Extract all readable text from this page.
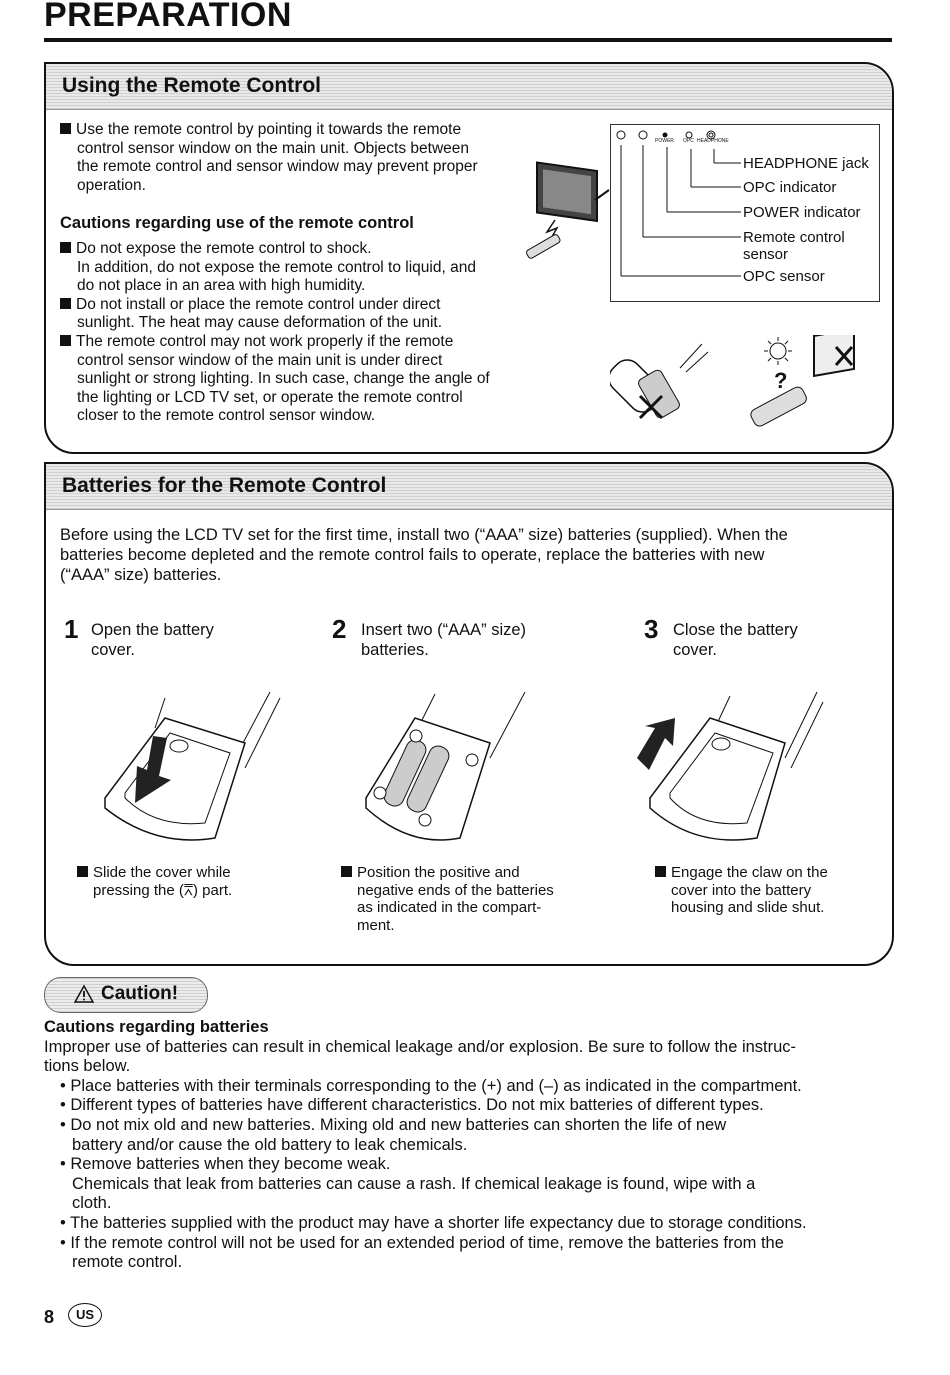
PREPARATION
Using the Remote Control
Use the remote control by pointing it towards the remote
control sensor window on the main unit. Objects between
the remote control and sensor window may prevent proper
operation.
Cautions regarding use of the remote control
Do not expose the remote control to shock.
In addition, do not expose the remote control to liquid, and
do not place in an area with high humidity.
Do not install or place the remote control under direct
sunlight. The heat may cause deformation of the unit.
The remote control may not work properly if the remote
control sensor window of the main unit is under direct
sunlight or strong lighting. In such case, change the angle of
the lighting or LCD TV set, or operate the remote control
closer to the remote control sensor window.
POWER OPC HEADPHONE
HEADPHONE jack
OPC indicator
POWER indicator
Remote control
sensor
OPC sensor
?
Batteries for the Remote Control
Before using the LCD TV set for the first time, install two (“AAA” size) batteries (supplied). When the
batteries become depleted and the remote control fails to operate, replace the batteries with new
(“AAA” size) batteries.
1 Open the battery
cover.
2 Insert two (“AAA” size)
batteries.
3 Close the battery
cover.
Slide the cover while
pressing the (⩞) part.
Position the positive and
negative ends of the batteries
as indicated in the compart-
ment.
Engage the claw on the
cover into the battery
housing and slide shut.
Caution!
Cautions regarding batteries
Improper use of batteries can result in chemical leakage and/or explosion. Be sure to follow the instruc-
tions below.
• Place batteries with their terminals corresponding to the (+) and (–) as indicated in the compartment.
• Different types of batteries have different characteristics. Do not mix batteries of different types.
• Do not mix old and new batteries. Mixing old and new batteries can shorten the life of new
battery and/or cause the old battery to leak chemicals.
• Remove batteries when they become weak.
Chemicals that leak from batteries can cause a rash. If chemical leakage is found, wipe with a
cloth.
• The batteries supplied with the product may have a shorter life expectancy due to storage conditions.
• If the remote control will not be used for an extended period of time, remove the batteries from the
remote control.
8	US
